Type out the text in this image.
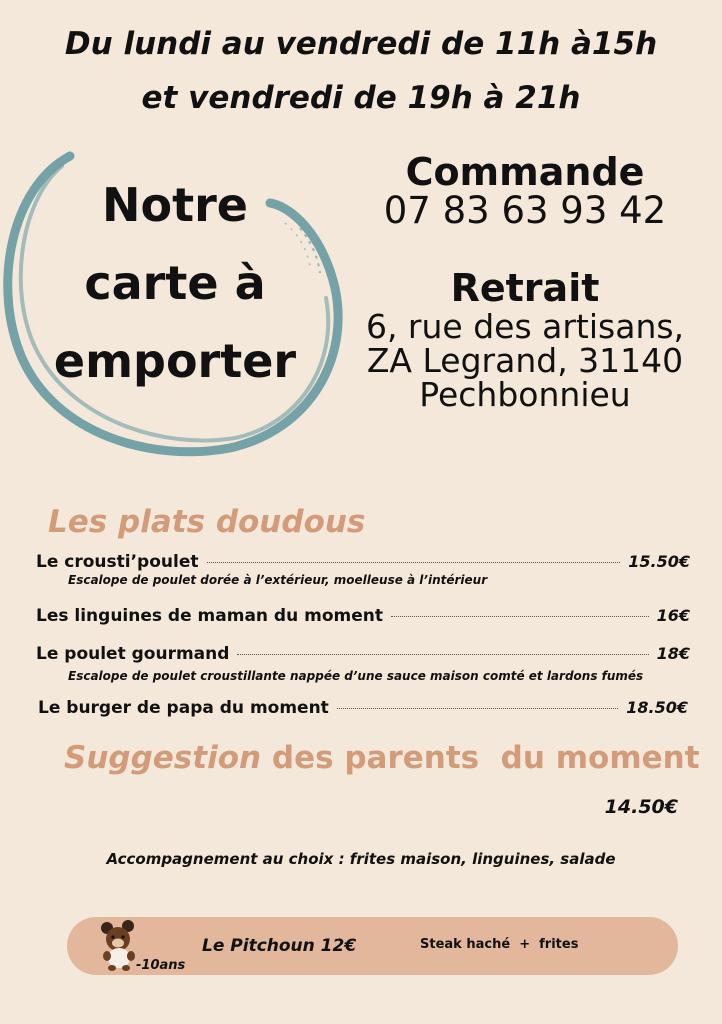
Du lundi au vendredi de 11h à15h
et vendredi de 19h à 21h
Notre
carte à
emporter
Commande
07 83 63 93 42
Retrait
6, rue des artisans,
ZA Legrand, 31140
Pechbonnieu
Les plats doudous
Le crousti’poulet	15.50€
Escalope de poulet dorée à l’extérieur, moelleuse à l’intérieur
Les linguines de maman du moment	16€
Le poulet gourmand	18€
Escalope de poulet croustillante nappée d’une sauce maison comté et lardons fumés
Le burger de papa du moment	18.50€
Suggestion des parents  du moment
14.50€
Accompagnement au choix : frites maison, linguines, salade
-10ans
Le Pitchoun 12€	Steak haché  +  frites
